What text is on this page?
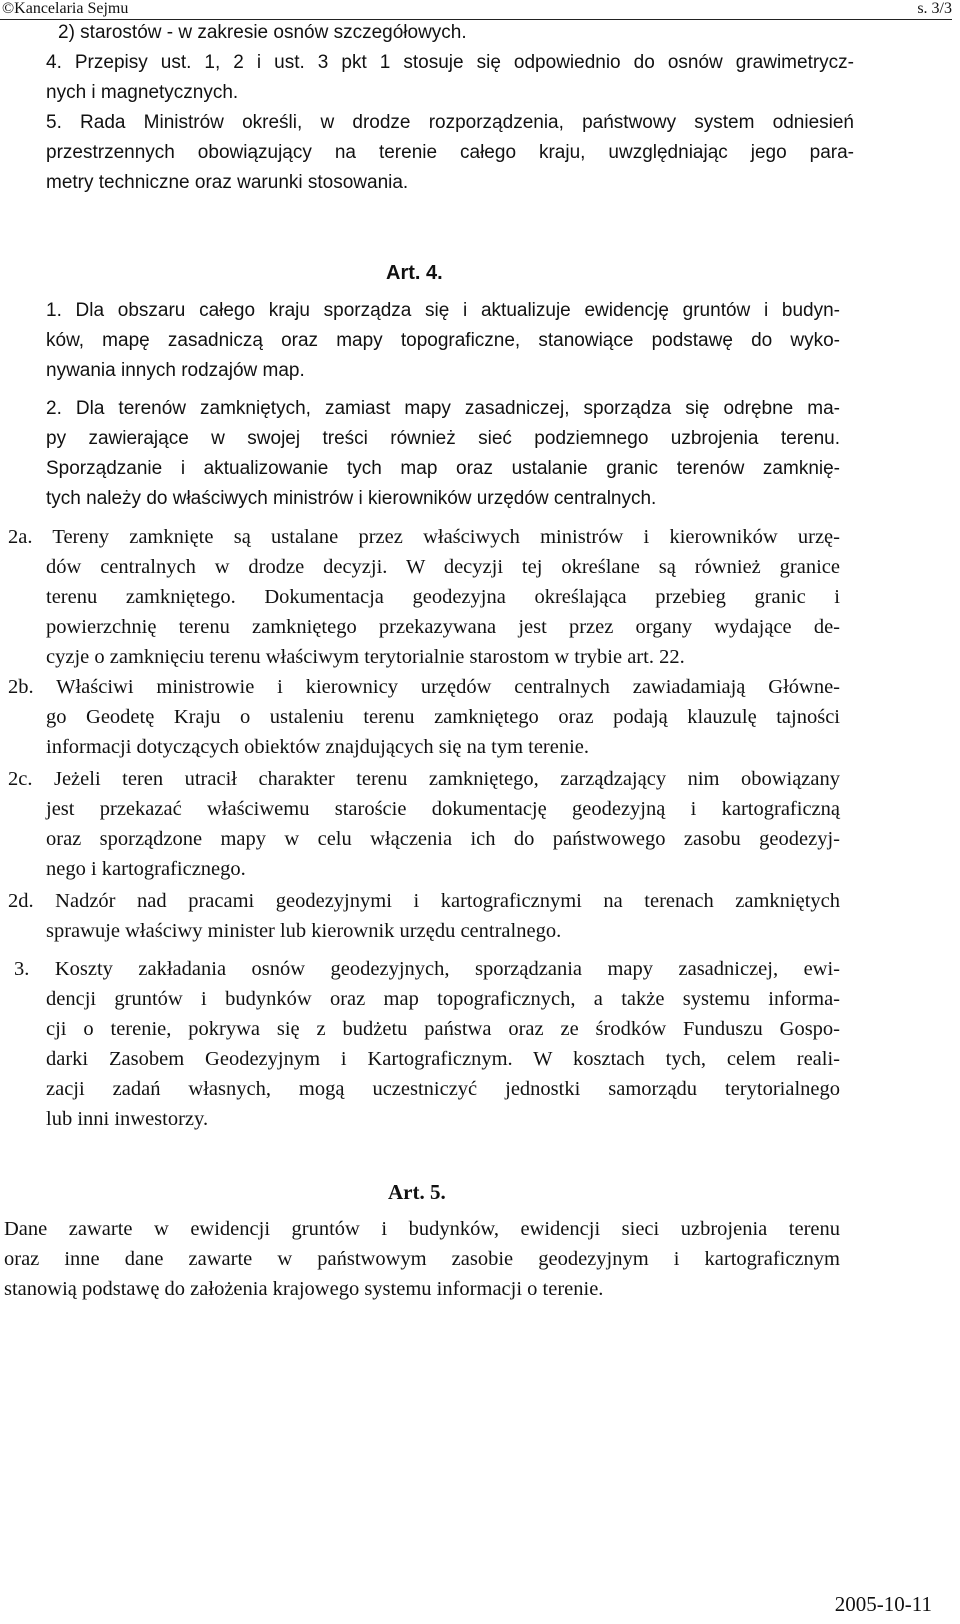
©Kancelaria Sejmu	s. 3/3
2) starostów - w zakresie osnów szczegółowych.
4. Przepisy ust. 1, 2 i ust. 3 pkt 1 stosuje się odpowiednio do osnów grawimetrycz-
nych i magnetycznych.
5. Rada Ministrów określi, w drodze rozporządzenia, państwowy system odniesień
przestrzennych obowiązujący na terenie całego kraju, uwzględniając jego para-
metry techniczne oraz warunki stosowania.
Art. 4.
1. Dla obszaru całego kraju sporządza się i aktualizuje ewidencję gruntów i budyn-
ków, mapę zasadniczą oraz mapy topograficzne, stanowiące podstawę do wyko-
nywania innych rodzajów map.
2. Dla terenów zamkniętych, zamiast mapy zasadniczej, sporządza się odrębne ma-
py zawierające w swojej treści również sieć podziemnego uzbrojenia terenu.
Sporządzanie i aktualizowanie tych map oraz ustalanie granic terenów zamknię-
tych należy do właściwych ministrów i kierowników urzędów centralnych.
2a. Tereny zamknięte są ustalane przez właściwych ministrów i kierowników urzę-
dów centralnych w drodze decyzji. W decyzji tej określane są również granice
terenu zamkniętego. Dokumentacja geodezyjna określająca przebieg granic i
powierzchnię terenu zamkniętego przekazywana jest przez organy wydające de-
cyzje o zamknięciu terenu właściwym terytorialnie starostom w trybie art. 22.
2b. Właściwi ministrowie i kierownicy urzędów centralnych zawiadamiają Główne-
go Geodetę Kraju o ustaleniu terenu zamkniętego oraz podają klauzulę tajności
informacji dotyczących obiektów znajdujących się na tym terenie.
2c. Jeżeli teren utracił charakter terenu zamkniętego, zarządzający nim obowiązany
jest przekazać właściwemu staroście dokumentację geodezyjną i kartograficzną
oraz sporządzone mapy w celu włączenia ich do państwowego zasobu geodezyj-
nego i kartograficznego.
2d. Nadzór nad pracami geodezyjnymi i kartograficznymi na terenach zamkniętych
sprawuje właściwy minister lub kierownik urzędu centralnego.
3. Koszty zakładania osnów geodezyjnych, sporządzania mapy zasadniczej, ewi-
dencji gruntów i budynków oraz map topograficznych, a także systemu informa-
cji o terenie, pokrywa się z budżetu państwa oraz ze środków Funduszu Gospo-
darki Zasobem Geodezyjnym i Kartograficznym. W kosztach tych, celem reali-
zacji zadań własnych, mogą uczestniczyć jednostki samorządu terytorialnego
lub inni inwestorzy.
Art. 5.
Dane zawarte w ewidencji gruntów i budynków, ewidencji sieci uzbrojenia terenu
oraz inne dane zawarte w państwowym zasobie geodezyjnym i kartograficznym
stanowią podstawę do założenia krajowego systemu informacji o terenie.
2005-10-11
